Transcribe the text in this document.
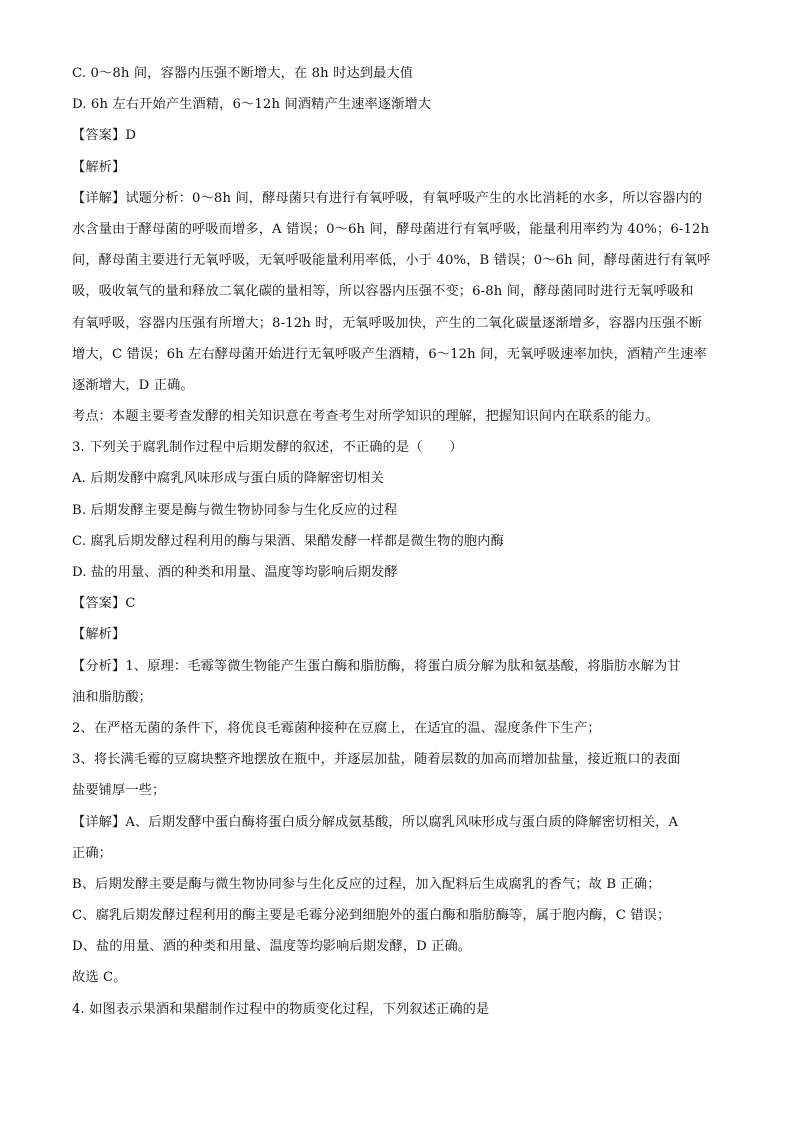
C. 0～8h 间，容器内压强不断增大，在 8h 时达到最大值
D. 6h 左右开始产生酒精，6～12h 间酒精产生速率逐渐增大
【答案】D
【解析】
【详解】试题分析：0～8h 间，酵母菌只有进行有氧呼吸，有氧呼吸产生的水比消耗的水多，所以容器内的
水含量由于酵母菌的呼吸而增多，A 错误；0～6h 间，酵母菌进行有氧呼吸，能量利用率约为 40%；6-12h
间，酵母菌主要进行无氧呼吸，无氧呼吸能量利用率低，小于 40%，B 错误；0～6h 间，酵母菌进行有氧呼
吸，吸收氧气的量和释放二氧化碳的量相等，所以容器内压强不变；6-8h 间，酵母菌同时进行无氧呼吸和
有氧呼吸，容器内压强有所增大；8-12h 时，无氧呼吸加快，产生的二氧化碳量逐渐增多，容器内压强不断
增大，C 错误；6h 左右酵母菌开始进行无氧呼吸产生酒精，6～12h 间，无氧呼吸速率加快，酒精产生速率
逐渐增大，D 正确。
考点：本题主要考查发酵的相关知识意在考查考生对所学知识的理解，把握知识间内在联系的能力。
3. 下列关于腐乳制作过程中后期发酵的叙述，不正确的是（　　）
A. 后期发酵中腐乳风味形成与蛋白质的降解密切相关
B. 后期发酵主要是酶与微生物协同参与生化反应的过程
C. 腐乳后期发酵过程利用的酶与果酒、果醋发酵一样都是微生物的胞内酶
D. 盐的用量、酒的种类和用量、温度等均影响后期发酵
【答案】C
【解析】
【分析】1、原理：毛霉等微生物能产生蛋白酶和脂肪酶，将蛋白质分解为肽和氨基酸，将脂肪水解为甘
油和脂肪酸；
2、在严格无菌的条件下，将优良毛霉菌种接种在豆腐上，在适宜的温、湿度条件下生产；
3、将长满毛霉的豆腐块整齐地摆放在瓶中，并逐层加盐，随着层数的加高而增加盐量，接近瓶口的表面
盐要铺厚一些；
【详解】A、后期发酵中蛋白酶将蛋白质分解成氨基酸，所以腐乳风味形成与蛋白质的降解密切相关，A
正确；
B、后期发酵主要是酶与微生物协同参与生化反应的过程，加入配料后生成腐乳的香气；故 B 正确；
C、腐乳后期发酵过程利用的酶主要是毛霉分泌到细胞外的蛋白酶和脂肪酶等，属于胞内酶，C 错误；
D、盐的用量、酒的种类和用量、温度等均影响后期发酵，D 正确。
故选 C。
4. 如图表示果酒和果醋制作过程中的物质变化过程，下列叙述正确的是
